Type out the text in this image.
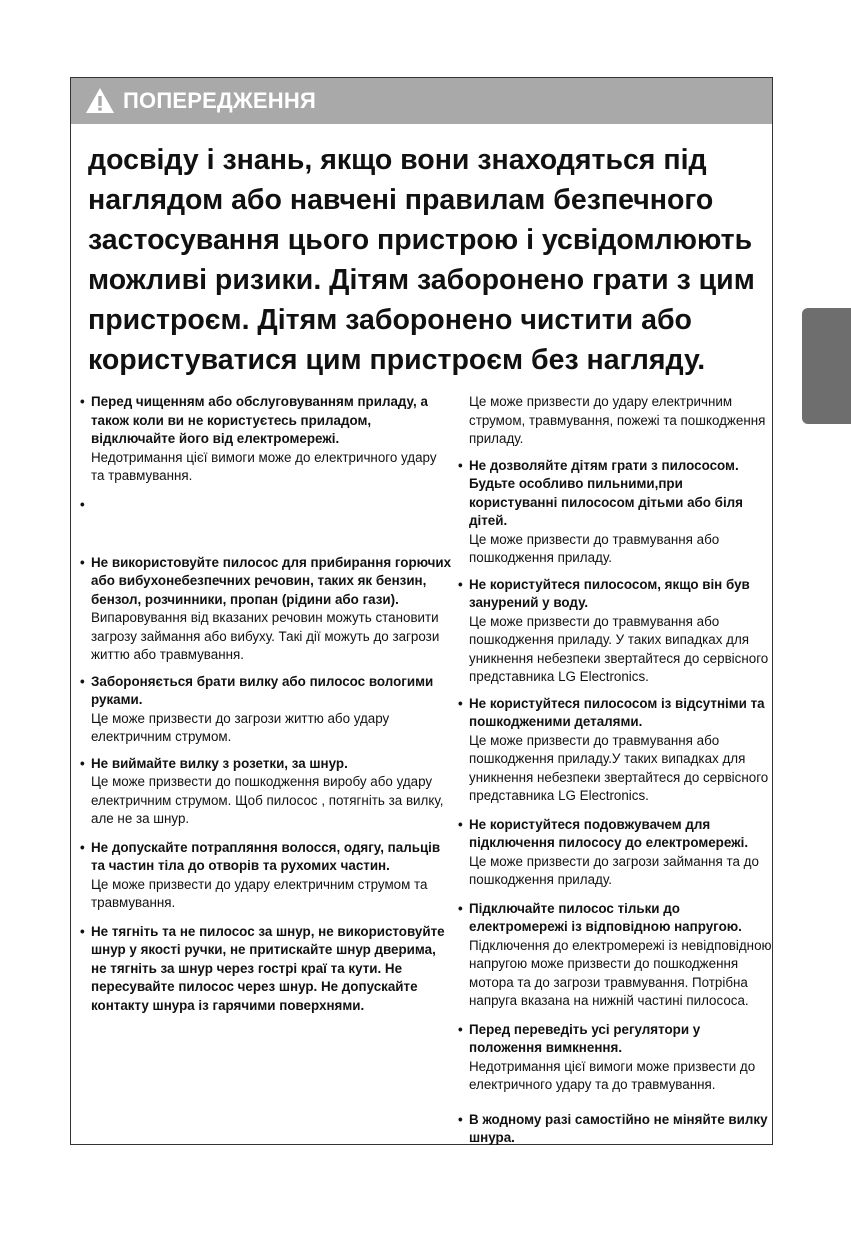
ПОПЕРЕДЖЕННЯ

досвіду і знань, якщо вони знаходяться під наглядом або навчені правилам безпечного застосування цього пристрою і усвідомлюють можливі ризики. Дітям заборонено грати з цим пристроєм. Дітям заборонено чистити або користуватися цим пристроєм без нагляду.

• Перед чищенням або обслуговуванням приладу, а також коли ви не користуєтесь приладом, відключайте його від електромережі.
Недотримання цієї вимоги може до електричного удару та травмування.
•
• Не використовуйте пилосос для прибирання горючих або вибухонебезпечних речовин, таких як бензин, бензол, розчинники, пропан (рідини або гази).
Випаровування від вказаних речовин можуть становити загрозу займання або вибуху. Такі дії можуть до загрози життю або травмування.
• Забороняється брати вилку або пилосос вологими руками.
Це може призвести до загрози життю або удару електричним струмом.
• Не виймайте вилку з розетки, за шнур.
Це може призвести до пошкодження виробу або удару електричним струмом. Щоб пилосос , потягніть за вилку, але не за шнур.
• Не допускайте потрапляння волосся, одягу, пальців та частин тіла до отворів та рухомих частин.
Це може призвести до удару електричним струмом та травмування.
• Не тягніть та не пилосос за шнур, не використовуйте шнур у якості ручки, не притискайте шнур дверима, не тягніть за шнур через гострі краї та кути. Не пересувайте пилосос через шнур. Не допускайте контакту шнура із гарячими поверхнями.
Це може призвести до удару електричним струмом, травмування, пожежі та пошкодження приладу.
• Не дозволяйте дітям грати з пилососом. Будьте особливо пильними,при користуванні пилососом дітьми або біля дітей.
Це може призвести до травмування або пошкодження приладу.
• Не користуйтеся пилососом, якщо він був занурений у воду.
Це може призвести до травмування або пошкодження приладу. У таких випадках для уникнення небезпеки звертайтеся до сервісного представника LG Electronics.
• Не користуйтеся пилососом із відсутніми та пошкодженими деталями.
Це може призвести до травмування або пошкодження приладу.У таких випадках для уникнення небезпеки звертайтеся до сервісного представника LG Electronics.
• Не користуйтеся подовжувачем для підключення пилососу до електромережі.
Це може призвести до загрози займання та до пошкодження приладу.
• Підключайте пилосос тільки до електромережі із відповідною напругою.
Підключення до електромережі із невідповідною напругою може призвести до пошкодження мотора та до загрози травмування. Потрібна напруга вказана на нижній частині пилососа.
• Перед переведіть усі регулятори у положення вимкнення.
Недотримання цієї вимоги може призвести до електричного удару та до травмування.
• В жодному разі самостійно не міняйте вилку шнура.
